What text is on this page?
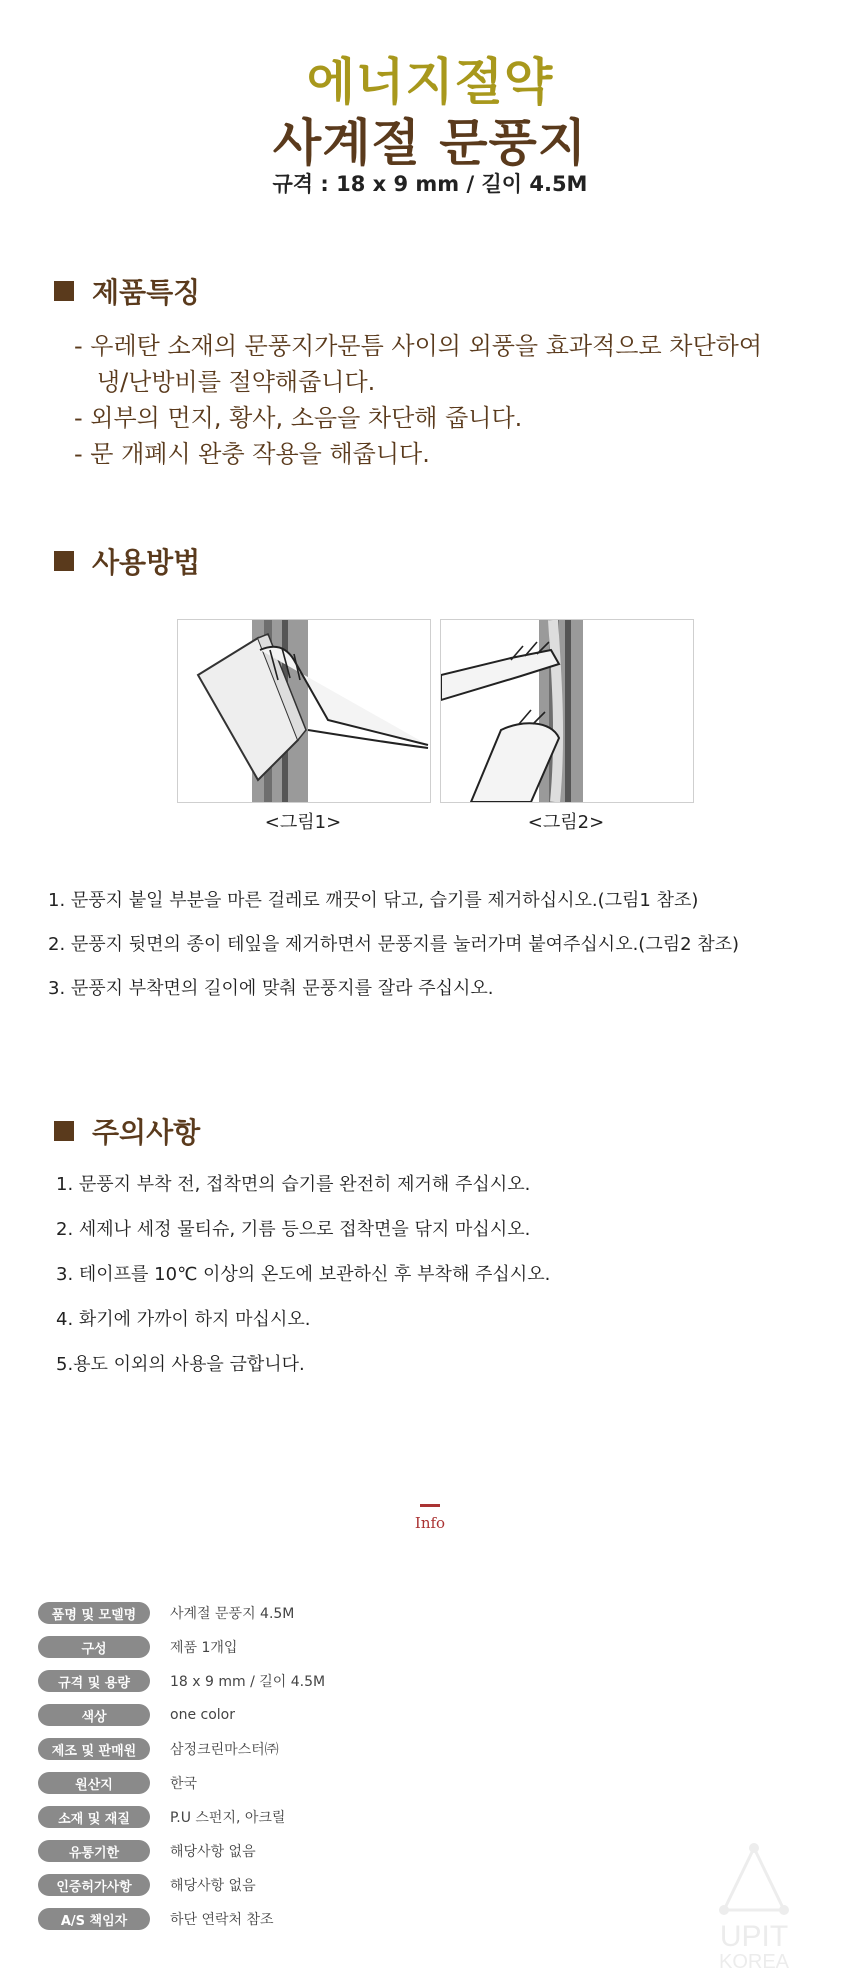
에너지절약
사계절 문풍지
규격 : 18 x 9 mm / 길이 4.5M
제품특징
- 우레탄 소재의 문풍지가문틈 사이의 외풍을 효과적으로 차단하여
냉/난방비를 절약해줍니다.
- 외부의 먼지, 황사, 소음을 차단해 줍니다.
- 문 개폐시 완충 작용을 해줍니다.
사용방법
<그림1>	<그림2>
1. 문풍지 붙일 부분을 마른 걸레로 깨끗이 닦고, 습기를 제거하십시오.(그림1 참조)
2. 문풍지 뒷면의 종이 테잎을 제거하면서 문풍지를 눌러가며 붙여주십시오.(그림2 참조)
3. 문풍지 부착면의 길이에 맞춰 문풍지를 잘라 주십시오.
주의사항
1. 문풍지 부착 전, 접착면의 습기를 완전히 제거해 주십시오.
2. 세제나 세정 물티슈, 기름 등으로 접착면을 닦지 마십시오.
3. 테이프를 10℃ 이상의 온도에 보관하신 후 부착해 주십시오.
4. 화기에 가까이 하지 마십시오.
5.용도 이외의 사용을 금합니다.
Info
품명 및 모델명	사계절 문풍지 4.5M
구성	제품 1개입
규격 및 용량	18 x 9 mm / 길이 4.5M
색상	one color
제조 및 판매원	삼정크린마스터㈜
원산지	한국
소재 및 재질	P.U 스펀지, 아크릴
유통기한	해당사항 없음
인증허가사항	해당사항 없음
A/S 책임자	하단 연락처 참조	UPIT
KOREA
